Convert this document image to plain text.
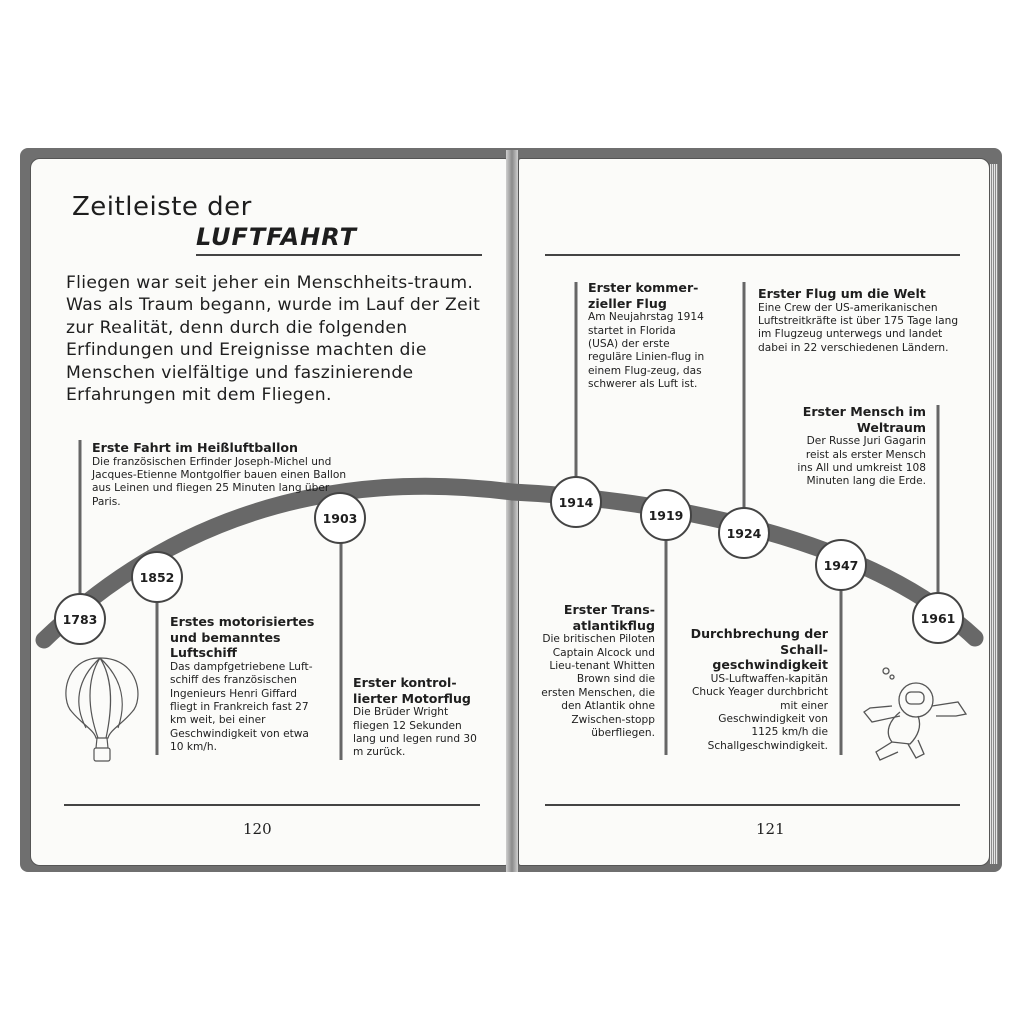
Zeitleiste der
LUFTFAHRT
Fliegen war seit jeher ein Menschheits-traum. Was als Traum begann, wurde im Lauf der Zeit zur Realität, denn durch die folgenden Erfindungen und Ereignisse machten die Menschen vielfältige und faszinierende Erfahrungen mit dem Fliegen.
1783
1852
1903
1914
1919
1924
1947
1961
Erste Fahrt im Heißluftballon
Die französischen Erfinder Joseph-Michel und Jacques-Etienne Montgolfier bauen einen Ballon aus Leinen und fliegen 25 Minuten lang über Paris.
Erstes motorisiertes und bemanntes Luftschiff
Das dampfgetriebene Luft-schiff des französischen Ingenieurs Henri Giffard fliegt in Frankreich fast 27 km weit, bei einer Geschwindigkeit von etwa 10 km/h.
Erster kontrol-lierter Motorflug
Die Brüder Wright fliegen 12 Sekunden lang und legen rund 30 m zurück.
Erster kommer-zieller Flug
Am Neujahrstag 1914 startet in Florida (USA) der erste reguläre Linien-flug in einem Flug-zeug, das schwerer als Luft ist.
Erster Trans-atlantikflug
Die britischen Piloten Captain Alcock und Lieu-tenant Whitten Brown sind die ersten Menschen, die den Atlantik ohne Zwischen-stopp überfliegen.
Erster Flug um die Welt
Eine Crew der US-amerikanischen Luftstreitkräfte ist über 175 Tage lang im Flugzeug unterwegs und landet dabei in 22 verschiedenen Ländern.
Durchbrechung der Schall-geschwindigkeit
US-Luftwaffen-kapitän Chuck Yeager durchbricht mit einer Geschwindigkeit von 1125 km/h die Schallgeschwindigkeit.
Erster Mensch im Weltraum
Der Russe Juri Gagarin reist als erster Mensch ins All und umkreist 108 Minuten lang die Erde.
120	121
